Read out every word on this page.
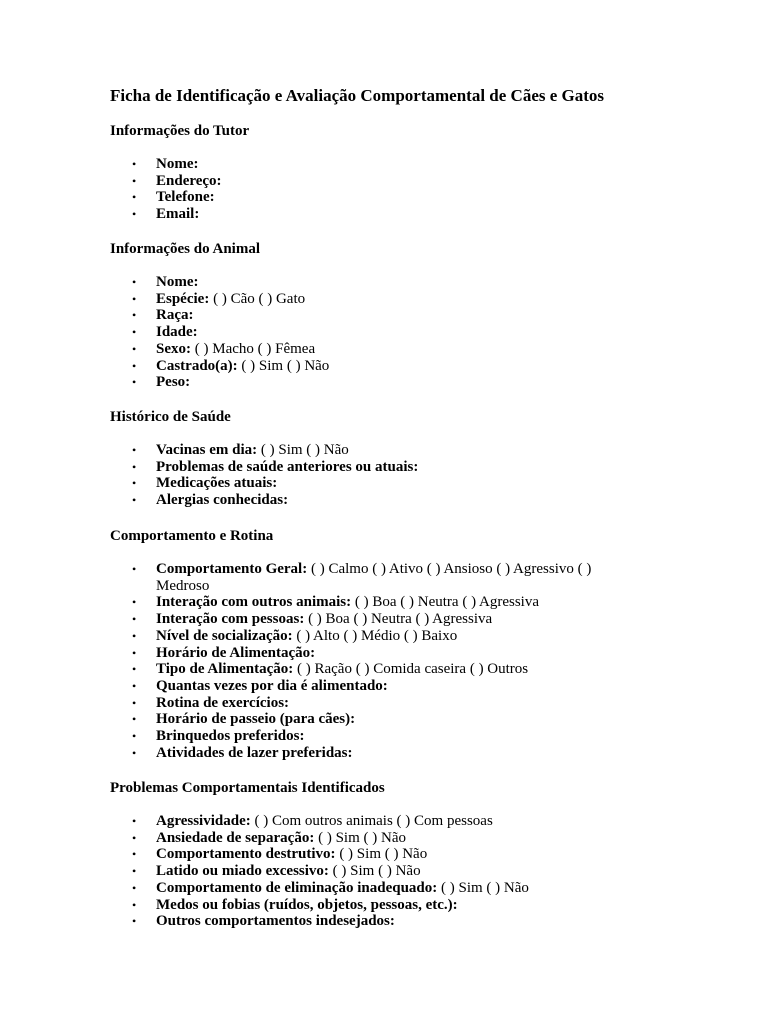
Ficha de Identificação e Avaliação Comportamental de Cães e Gatos
Informações do Tutor
• Nome:
• Endereço:
• Telefone:
• Email:
Informações do Animal
• Nome:
• Espécie: ( ) Cão ( ) Gato
• Raça:
• Idade:
• Sexo: ( ) Macho ( ) Fêmea
• Castrado(a): ( ) Sim ( ) Não
• Peso:
Histórico de Saúde
• Vacinas em dia: ( ) Sim ( ) Não
• Problemas de saúde anteriores ou atuais:
• Medicações atuais:
• Alergias conhecidas:
Comportamento e Rotina
• Comportamento Geral: ( ) Calmo ( ) Ativo ( ) Ansioso ( ) Agressivo ( ) Medroso
• Interação com outros animais: ( ) Boa ( ) Neutra ( ) Agressiva
• Interação com pessoas: ( ) Boa ( ) Neutra ( ) Agressiva
• Nível de socialização: ( ) Alto ( ) Médio ( ) Baixo
• Horário de Alimentação:
• Tipo de Alimentação: ( ) Ração ( ) Comida caseira ( ) Outros
• Quantas vezes por dia é alimentado:
• Rotina de exercícios:
• Horário de passeio (para cães):
• Brinquedos preferidos:
• Atividades de lazer preferidas:
Problemas Comportamentais Identificados
• Agressividade: ( ) Com outros animais ( ) Com pessoas
• Ansiedade de separação: ( ) Sim ( ) Não
• Comportamento destrutivo: ( ) Sim ( ) Não
• Latido ou miado excessivo: ( ) Sim ( ) Não
• Comportamento de eliminação inadequado: ( ) Sim ( ) Não
• Medos ou fobias (ruídos, objetos, pessoas, etc.):
• Outros comportamentos indesejados:
